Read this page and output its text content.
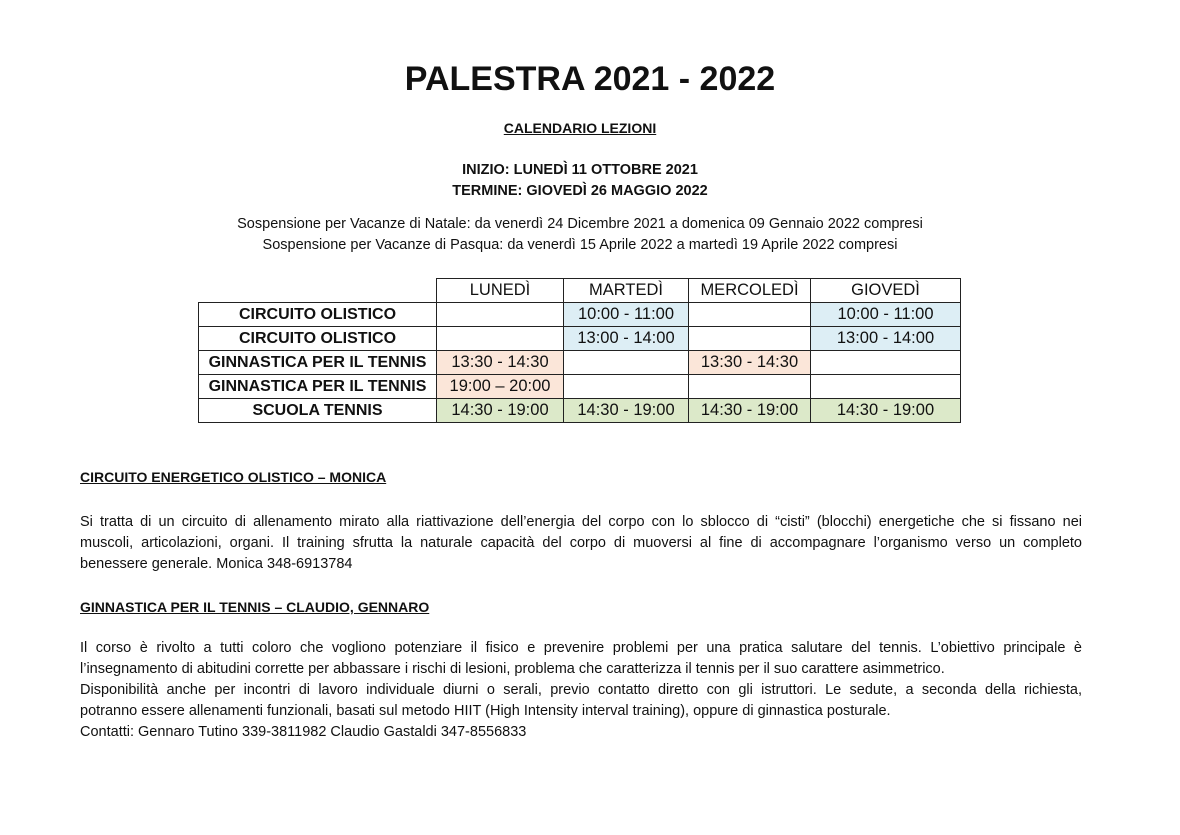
PALESTRA 2021 - 2022
CALENDARIO LEZIONI
INIZIO: LUNEDÌ 11 OTTOBRE 2021
TERMINE: GIOVEDÌ 26 MAGGIO 2022
Sospensione per Vacanze di Natale: da venerdì 24 Dicembre 2021 a domenica 09 Gennaio 2022 compresi
Sospensione per Vacanze di Pasqua: da venerdì 15 Aprile 2022 a martedì 19 Aprile 2022 compresi
	LUNEDÌ	MARTEDÌ	MERCOLEDÌ	GIOVEDÌ
CIRCUITO OLISTICO		10:00 - 11:00		10:00 - 11:00
CIRCUITO OLISTICO		13:00 - 14:00		13:00 - 14:00
GINNASTICA PER IL TENNIS	13:30 - 14:30		13:30 - 14:30	
GINNASTICA PER IL TENNIS	19:00 – 20:00			
SCUOLA TENNIS	14:30 - 19:00	14:30 - 19:00	14:30 - 19:00	14:30 - 19:00
CIRCUITO ENERGETICO OLISTICO – MONICA
Si tratta di un circuito di allenamento mirato alla riattivazione dell’energia del corpo con lo sblocco di “cisti” (blocchi) energetiche che si fissano nei
muscoli, articolazioni, organi. Il training sfrutta la naturale capacità del corpo di muoversi al fine di accompagnare l’organismo verso un completo
benessere generale. Monica 348-6913784
GINNASTICA PER IL TENNIS – CLAUDIO, GENNARO
Il corso è rivolto a tutti coloro che vogliono potenziare il fisico e prevenire problemi per una pratica salutare del tennis. L’obiettivo principale è
l’insegnamento di abitudini corrette per abbassare i rischi di lesioni, problema che caratterizza il tennis per il suo carattere asimmetrico.
Disponibilità anche per incontri di lavoro individuale diurni o serali, previo contatto diretto con gli istruttori. Le sedute, a seconda della richiesta,
potranno essere allenamenti funzionali, basati sul metodo HIIT (High Intensity interval training), oppure di ginnastica posturale.
Contatti: Gennaro Tutino 339-3811982 Claudio Gastaldi 347-8556833
